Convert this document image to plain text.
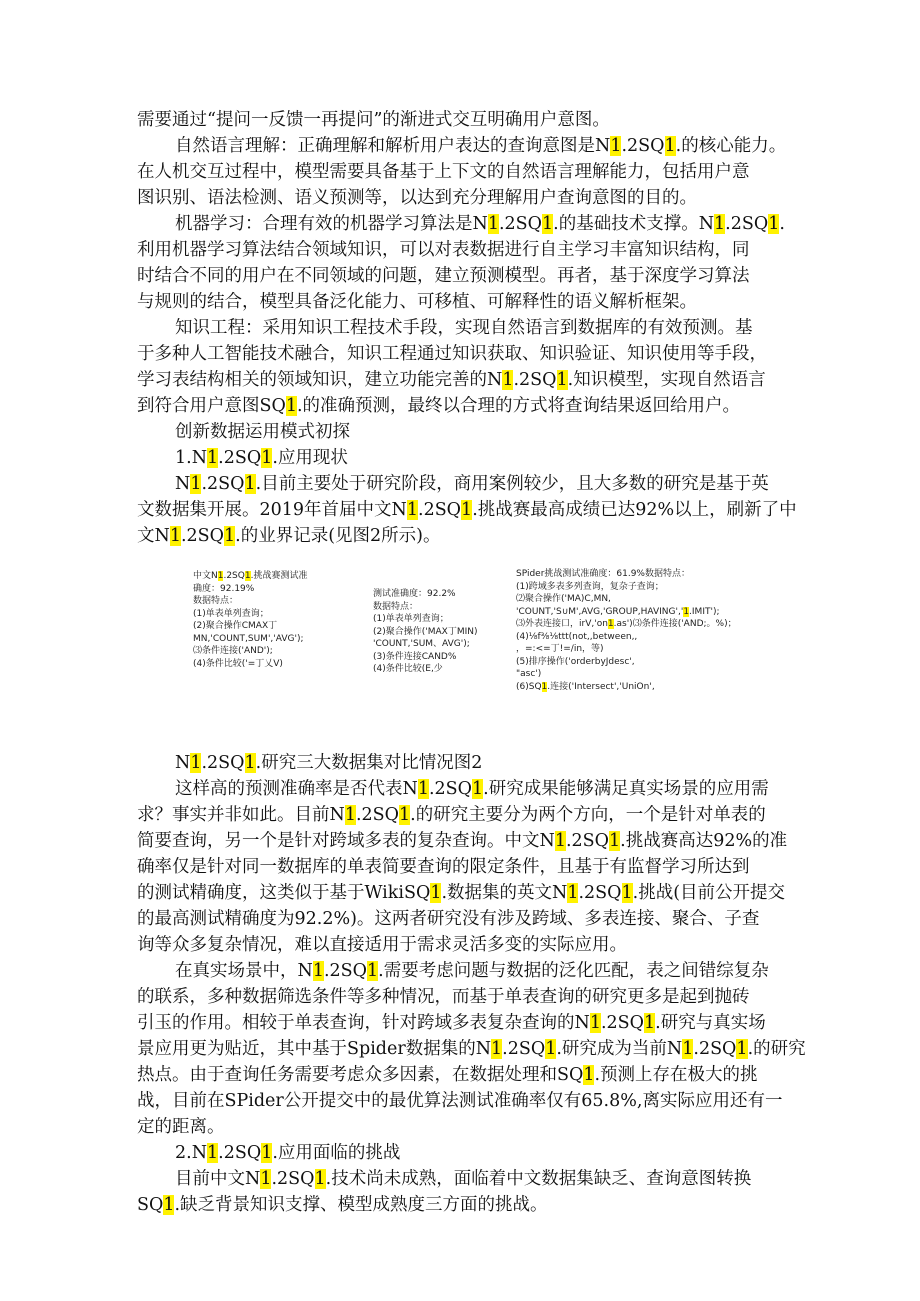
需要通过“提问一反馈一再提问”的渐进式交互明确用户意图。
自然语言理解：正确理解和解析用户表达的查询意图是N1.2SQ1.的核心能力。
在人机交互过程中，模型需要具备基于上下文的自然语言理解能力，包括用户意
图识别、语法检测、语义预测等，以达到充分理解用户查询意图的目的。
机器学习：合理有效的机器学习算法是N1.2SQ1.的基础技术支撑。N1.2SQ1.
利用机器学习算法结合领域知识，可以对表数据进行自主学习丰富知识结构，同
时结合不同的用户在不同领域的问题，建立预测模型。再者，基于深度学习算法
与规则的结合，模型具备泛化能力、可移植、可解释性的语义解析框架。
知识工程：采用知识工程技术手段，实现自然语言到数据库的有效预测。基
于多种人工智能技术融合，知识工程通过知识获取、知识验证、知识使用等手段，
学习表结构相关的领域知识，建立功能完善的N1.2SQ1.知识模型，实现自然语言
到符合用户意图SQ1.的准确预测，最终以合理的方式将查询结果返回给用户。
创新数据运用模式初探
1.N1.2SQ1.应用现状
N1.2SQ1.目前主要处于研究阶段，商用案例较少，且大多数的研究是基于英
文数据集开展。2019年首届中文N1.2SQ1.挑战赛最高成绩已达92%以上，刷新了中
文N1.2SQ1.的业界记录(见图2所示)。
N1.2SQ1.研究三大数据集对比情况图2
这样高的预测准确率是否代表N1.2SQ1.研究成果能够满足真实场景的应用需
求？事实并非如此。目前N1.2SQ1.的研究主要分为两个方向，一个是针对单表的
简要查询，另一个是针对跨域多表的复杂查询。中文N1.2SQ1.挑战赛高达92%的准
确率仅是针对同一数据库的单表简要查询的限定条件，且基于有监督学习所达到
的测试精确度，这类似于基于WikiSQ1.数据集的英文N1.2SQ1.挑战(目前公开提交
的最高测试精确度为92.2%)。这两者研究没有涉及跨域、多表连接、聚合、子查
询等众多复杂情况，难以直接适用于需求灵活多变的实际应用。
在真实场景中，N1.2SQ1.需要考虑问题与数据的泛化匹配，表之间错综复杂
的联系，多种数据筛选条件等多种情况，而基于单表查询的研究更多是起到抛砖
引玉的作用。相较于单表查询，针对跨域多表复杂查询的N1.2SQ1.研究与真实场
景应用更为贴近，其中基于Spider数据集的N1.2SQ1.研究成为当前N1.2SQ1.的研究
热点。由于查询任务需要考虑众多因素，在数据处理和SQ1.预测上存在极大的挑
战，目前在SPider公开提交中的最优算法测试准确率仅有65.8%,离实际应用还有一
定的距离。
2.N1.2SQ1.应用面临的挑战
目前中文N1.2SQ1.技术尚未成熟，面临着中文数据集缺乏、查询意图转换
SQ1.缺乏背景知识支撑、模型成熟度三方面的挑战。
中文N1.2SQ1.挑战赛测试准
确度：92.19%
数据特点：
(1)单表单列查询；
(2)聚合操作CMAX丁
MN,'COUNT,SUM','AVG');
⑶条件连接('AND');
(4)条件比较('=丁乂V)
测试准确度：92.2%
数据特点：
(1)单表单列查询；
(2)聚合操作('MAX丁MIN)
'COUNT,'SUM、AVG');
(3)条件连接CAND%
(4)条件比较(E,少
SPider挑战测试准确度：61.9%数据特点：
(1)跨域多表多列查询，复杂子查询；
⑵聚合操作('MA)C,MN,
'COUNT,'S∪M',AVG,'GROUP,HAVING','1.IMIT');
⑶外表连接口，irV,'on1.as')⑶条件连接('AND;。%)；
(4)⅛f⅜⅛ttt(not,,between,,
，=:<=丁!=/in，等)
(5)排序操作('orderbyJdesc',
"asc')
(6)SQ1.连接('Intersect','UniOn',
